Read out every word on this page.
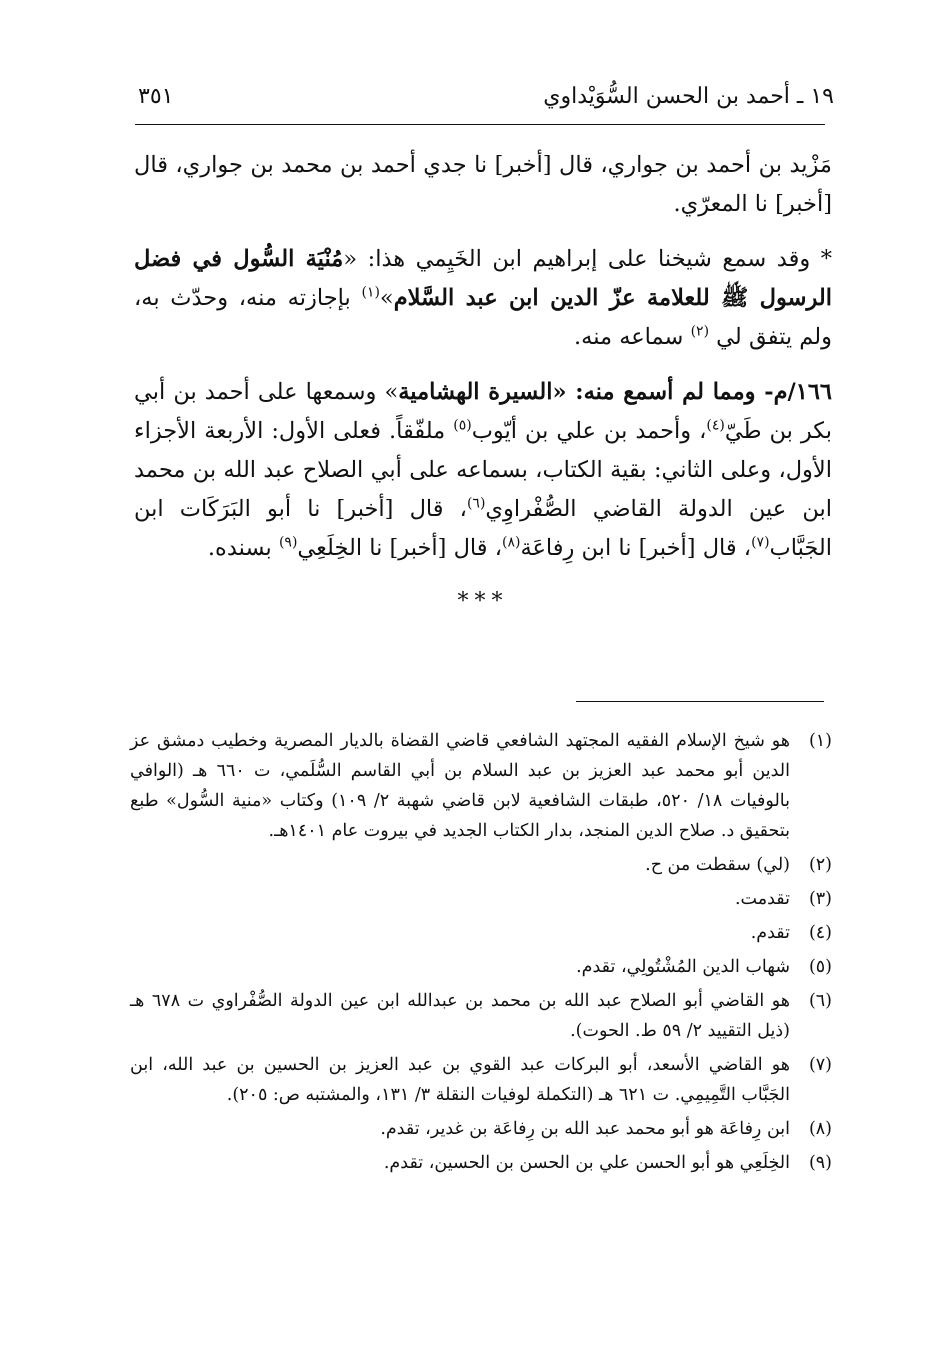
١٩ ـ أحمد بن الحسن السُّوَيْداوي
٣٥١

مَزْيد بن أحمد بن جواري، قال [أخبر] نا جدي أحمد بن محمد بن جواري، قال [أخبر] نا المعرّي.

* وقد سمع شيخنا على إبراهيم ابن الخَيِمي هذا: «مُنْيَة السُّول في فضل الرسول ﷺ للعلامة عزّ الدين ابن عبد السَّلام»$^{(١)}$ بإجازته منه، وحدّث به، ولم يتفق لي $^{(٢)}$ سماعه منه.

١٦٦/م- ومما لم أسمع منه: «السيرة الهشامية» وسمعها على أحمد بن أبي بكر بن طَيّ$^{(٤)}$، وأحمد بن علي بن أيّوب$^{(٥)}$ ملفّقاً. فعلى الأول: الأربعة الأجزاء الأول، وعلى الثاني: بقية الكتاب، بسماعه على أبي الصلاح عبد الله بن محمد ابن عين الدولة القاضي الصُّفْراوِي$^{(٦)}$، قال [أخبر] نا أبو البَرَكَات ابن الجَبَّاب$^{(٧)}$، قال [أخبر] نا ابن رِفاعَة$^{(٨)}$، قال [أخبر] نا الخِلَعِي$^{(٩)}$ بسنده.

***

(١)
هو شيخ الإسلام الفقيه المجتهد الشافعي قاضي القضاة بالديار المصرية وخطيب دمشق عز الدين أبو محمد عبد العزيز بن عبد السلام بن أبي القاسم السُّلَمي، ت ٦٦٠ هـ (الوافي بالوفيات ١٨/ ٥٢٠، طبقات الشافعية لابن قاضي شهبة ٢/ ١٠٩) وكتاب «منية السُّول» طبع بتحقيق د. صلاح الدين المنجد، بدار الكتاب الجديد في بيروت عام ١٤٠١هـ.

(٢)
(لي) سقطت من ح.

(٣)
تقدمت.

(٤)
تقدم.

(٥)
شهاب الدين المُشْتُولِي، تقدم.

(٦)
هو القاضي أبو الصلاح عبد الله بن محمد بن عبدالله ابن عين الدولة الصُّفْراوي ت ٦٧٨ هـ (ذيل التقييد ٢/ ٥٩ ط. الحوت).

(٧)
هو القاضي الأسعد، أبو البركات عبد القوي بن عبد العزيز بن الحسين بن عبد الله، ابن الجَبَّاب التَّمِيمِي. ت ٦٢١ هـ (التكملة لوفيات النقلة ٣/ ١٣١، والمشتبه ص: ٢٠٥).

(٨)
ابن رِفاعَة هو أبو محمد عبد الله بن رِفاعَة بن غدير، تقدم.

(٩)
الخِلَعِي هو أبو الحسن علي بن الحسن بن الحسين، تقدم.
